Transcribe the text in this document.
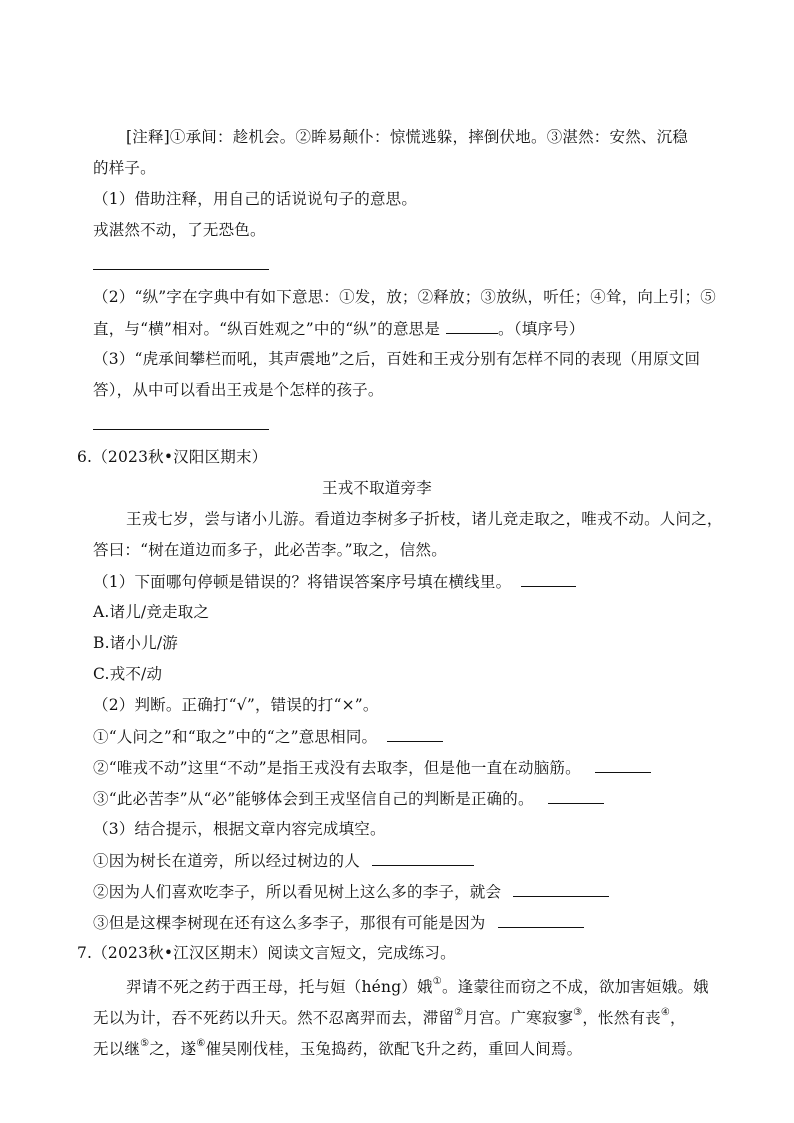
[注释]①承间：趁机会。②眸易颠仆：惊慌逃躲，摔倒伏地。③湛然：安然、沉稳
的样子。
（1）借助注释，用自己的话说说句子的意思。
戎湛然不动，了无恐色。
（2）“纵”字在字典中有如下意思：①发，放；②释放；③放纵，听任；④耸，向上引；⑤
直，与“横”相对。“纵百姓观之”中的“纵”的意思是	。（填序号）
（3）“虎承间攀栏而吼，其声震地”之后，百姓和王戎分别有怎样不同的表现（用原文回
答），从中可以看出王戎是个怎样的孩子。
6.（2023秋•汉阳区期末）
王戎不取道旁李
王戎七岁，尝与诸小儿游。看道边李树多子折枝，诸儿竞走取之，唯戎不动。人问之，
答曰：“树在道边而多子，此必苦李。”取之，信然。
（1）下面哪句停顿是错误的？将错误答案序号填在横线里。
A.诸儿/竞走取之
B.诸小儿/游
C.戎不/动
（2）判断。正确打“√”，错误的打“×”。
①“人问之”和“取之”中的“之”意思相同。
②“唯戎不动”这里“不动”是指王戎没有去取李，但是他一直在动脑筋。
③“此必苦李”从“必”能够体会到王戎坚信自己的判断是正确的。
（3）结合提示，根据文章内容完成填空。
①因为树长在道旁，所以经过树边的人
②因为人们喜欢吃李子，所以看见树上这么多的李子，就会
③但是这棵李树现在还有这么多李子，那很有可能是因为
7.（2023秋•江汉区期末）阅读文言短文，完成练习。
羿请不死之药于西王母，托与姮（héng）娥①。逢蒙往而窃之不成，欲加害姮娥。娥
无以为计，吞不死药以升天。然不忍离羿而去，滞留②月宫。广寒寂寥③，怅然有丧④，
无以继⑤之，遂⑥催吴刚伐桂，玉兔捣药，欲配飞升之药，重回人间焉。
